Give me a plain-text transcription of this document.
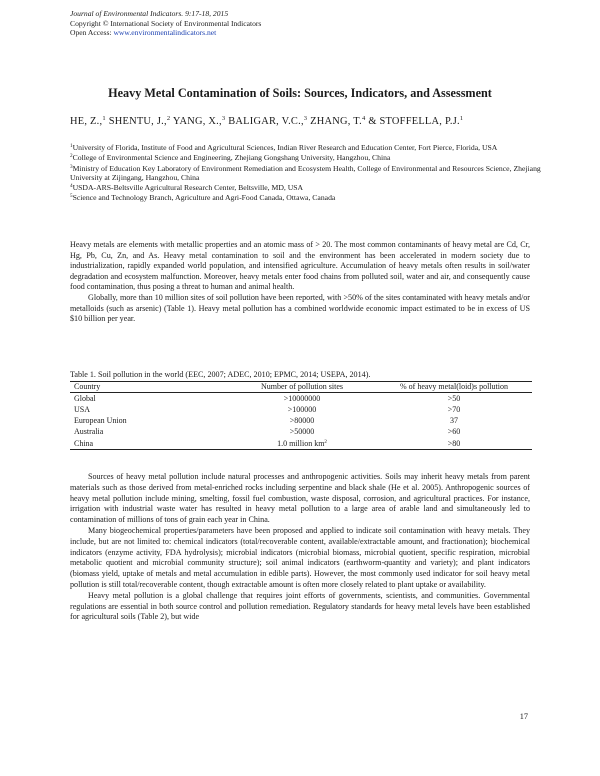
Journal of Environmental Indicators. 9:17-18, 2015
Copyright © International Society of Environmental Indicators
Open Access: www.environmentalindicators.net
Heavy Metal Contamination of Soils: Sources, Indicators, and Assessment
HE, Z.,$^1$ SHENTU, J.,$^2$ YANG, X.,$^3$ BALIGAR, V.C.,$^3$ ZHANG, T.$^4$ & STOFFELLA, P.J.$^1$

$^1$University of Florida, Institute of Food and Agricultural Sciences, Indian River Research and Education Center, Fort Pierce, Florida, USA

$^2$College of Environmental Science and Engineering, Zhejiang Gongshang University, Hangzhou, China

$^3$Ministry of Education Key Laboratory of Environment Remediation and Ecosystem Health, College of Environmental and Resources Science, Zhejiang University at Zijingang, Hangzhou, China

$^4$USDA-ARS-Beltsville Agricultural Research Center, Beltsville, MD, USA

$^5$Science and Technology Branch, Agriculture and Agri-Food Canada, Ottawa, Canada

Heavy metals are elements with metallic properties and an atomic mass of > 20. The most common contaminants of heavy metal are Cd, Cr, Hg, Pb, Cu, Zn, and As. Heavy metal contamination to soil and the environment has been accelerated in modern society due to industrialization, rapidly expanded world population, and intensified agriculture. Accumulation of heavy metals often results in soil/water degradation and ecosystem malfunction. Moreover, heavy metals enter food chains from polluted soil, water and air, and consequently cause food contamination, thus posing a threat to human and animal health.

Globally, more than 10 million sites of soil pollution have been reported, with >50% of the sites contaminated with heavy metals and/or metalloids (such as arsenic) (Table 1). Heavy metal pollution has a combined worldwide economic impact estimated to be in excess of US $10 billion per year.

Table 1. Soil pollution in the world (EEC, 2007; ADEC, 2010; EPMC, 2014; USEPA, 2014).
Country	Number of pollution sites	% of heavy metal(loid)s pollution
Global	>10000000	>50
USA	>100000	>70
European Union	>80000	37
Australia	>50000	>60
China	1.0 million $km^2$	>80

Sources of heavy metal pollution include natural processes and anthropogenic activities. Soils may inherit heavy metals from parent materials such as those derived from metal-enriched rocks including serpentine and black shale (He et al. 2005). Anthropogenic sources of heavy metal pollution include mining, smelting, fossil fuel combustion, waste disposal, corrosion, and agricultural practices. For instance, irrigation with industrial waste water has resulted in heavy metal pollution to a large area of arable land and simultaneously led to contamination of millions of tons of grain each year in China.

Many biogeochemical properties/parameters have been proposed and applied to indicate soil contamination with heavy metals. They include, but are not limited to: chemical indicators (total/recoverable content, available/extractable amount, and fractionation); biochemical indicators (enzyme activity, FDA hydrolysis); microbial indicators (microbial biomass, microbial quotient, specific respiration, microbial metabolic quotient and microbial community structure); soil animal indicators (earthworm-quantity and variety); and plant indicators (biomass yield, uptake of metals and metal accumulation in edible parts). However, the most commonly used indicator for soil heavy metal pollution is still total/recoverable content, though extractable amount is often more closely related to plant uptake or availability.

Heavy metal pollution is a global challenge that requires joint efforts of governments, scientists, and communities. Governmental regulations are essential in both source control and pollution remediation. Regulatory standards for heavy metal levels have been established for agricultural soils (Table 2), but wide

17
